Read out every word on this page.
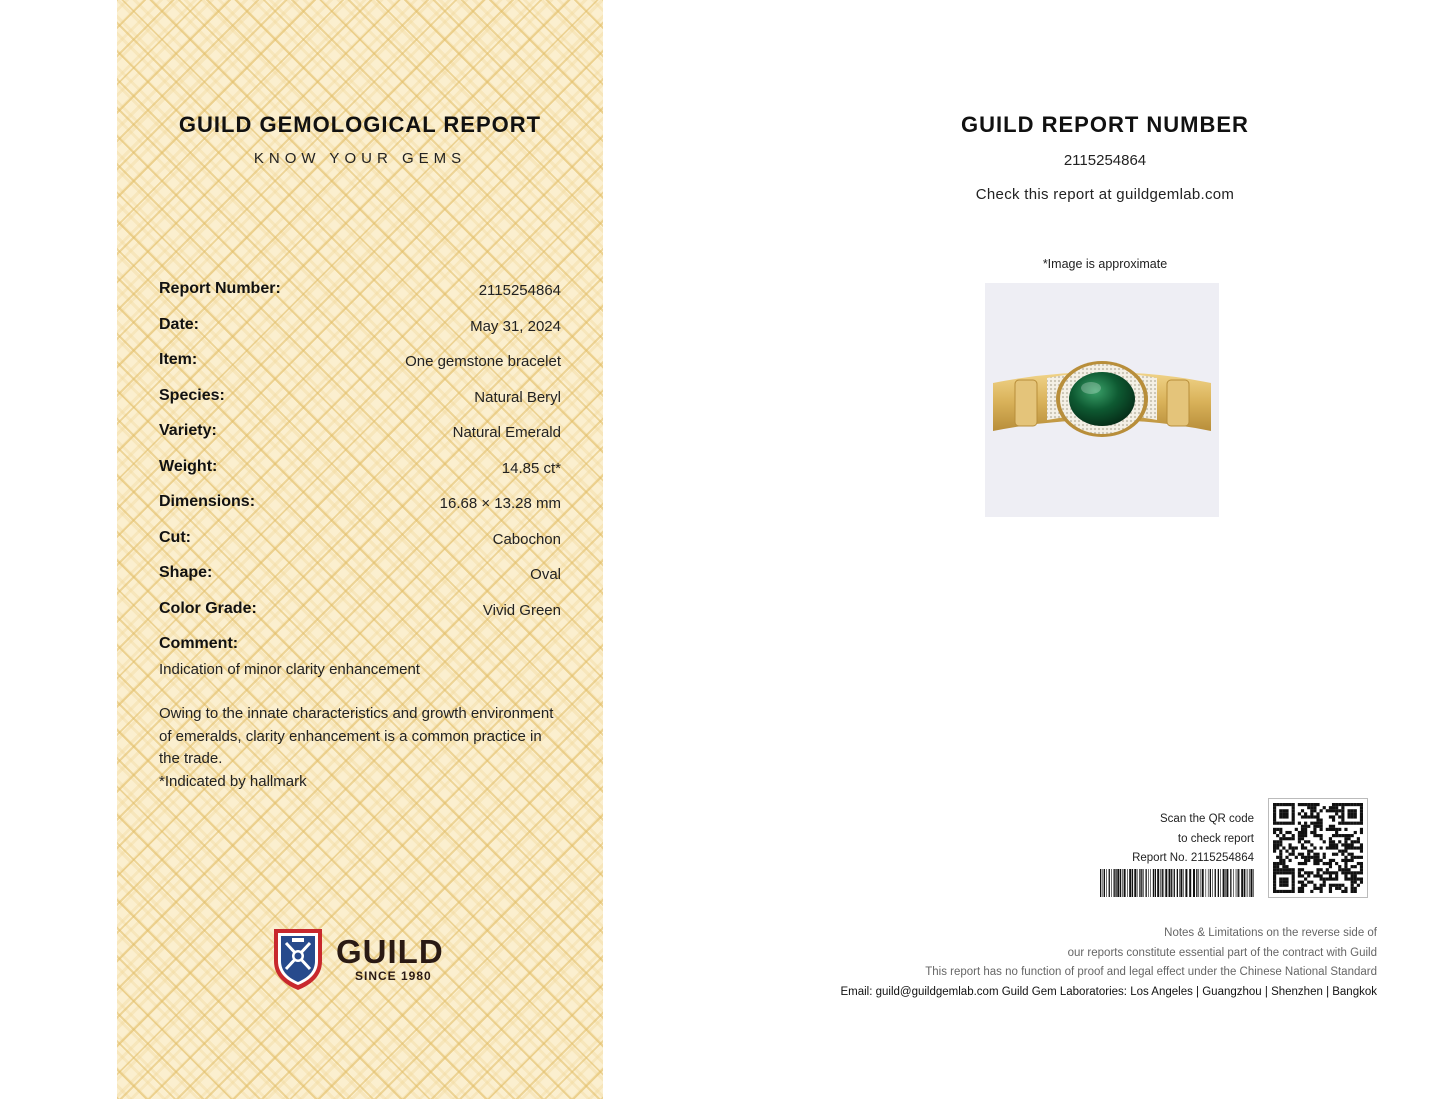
GUILD GEMOLOGICAL REPORT
KNOW YOUR GEMS
Report Number:	2115254864
Date:	May 31, 2024
Item:	One gemstone bracelet
Species:	Natural Beryl
Variety:	Natural Emerald
Weight:	14.85 ct*
Dimensions:	16.68 × 13.28 mm
Cut:	Cabochon
Shape:	Oval
Color Grade:	Vivid Green
Comment:
Indication of minor clarity enhancement
Owing to the innate characteristics and growth environment of emeralds, clarity enhancement is a common practice in the trade.
*Indicated by hallmark
GUILD
SINCE 1980
GUILD REPORT NUMBER
2115254864
Check this report at guildgemlab.com
*Image is approximate
Scan the QR code
to check report
Report No. 2115254864
Notes & Limitations on the reverse side of
our reports constitute essential part of the contract with Guild
This report has no function of proof and legal effect under the Chinese National Standard
Email: guild@guildgemlab.com Guild Gem Laboratories: Los Angeles | Guangzhou | Shenzhen | Bangkok
